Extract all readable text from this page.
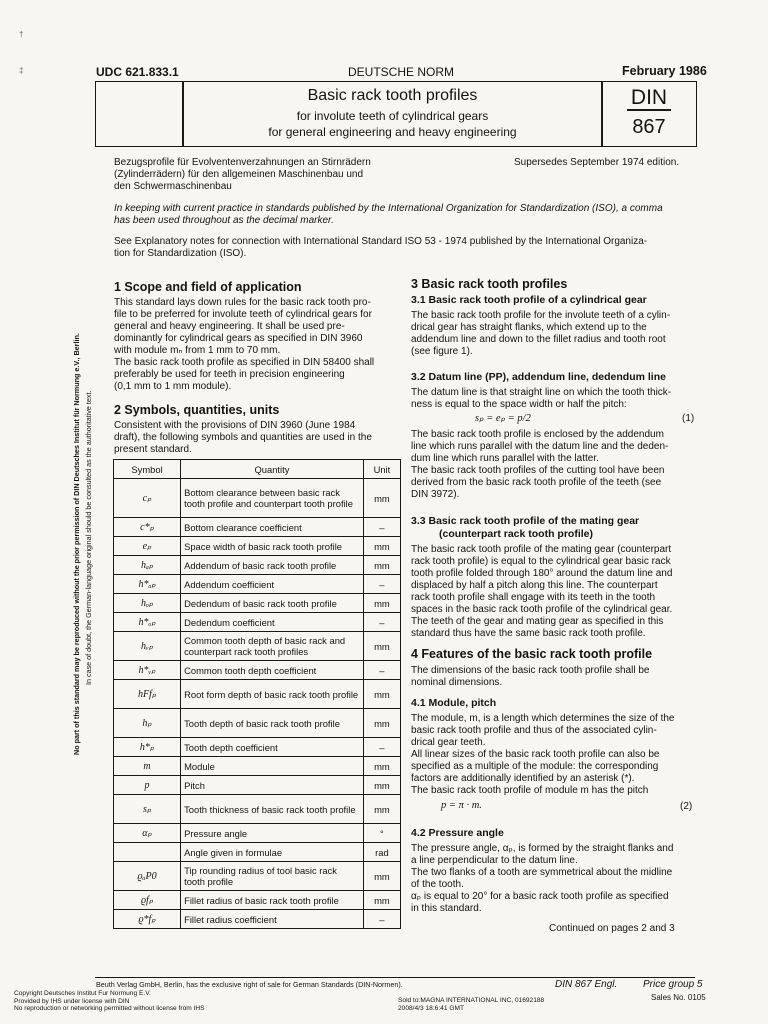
UDC 621.833.1	DEUTSCHE NORM	February 1986
Basic rack tooth profiles
for involute teeth of cylindrical gears
for general engineering and heavy engineering
DIN
867
Bezugsprofile für Evolventenverzahnungen an Stirnrädern
(Zylinderrädern) für den allgemeinen Maschinenbau und
den Schwermaschinenbau
Supersedes September 1974 edition.
In keeping with current practice in standards published by the International Organization for Standardization (ISO), a comma
has been used throughout as the decimal marker.
See Explanatory notes for connection with International Standard ISO 53 - 1974 published by the International Organiza-
tion for Standardization (ISO).
1 Scope and field of application
This standard lays down rules for the basic rack tooth pro-
file to be preferred for involute teeth of cylindrical gears for
general and heavy engineering. It shall be used pre-
dominantly for cylindrical gears as specified in DIN 3960
with module mₙ from 1 mm to 70 mm.
The basic rack tooth profile as specified in DIN 58400 shall
preferably be used for teeth in precision engineering
(0,1 mm to 1 mm module).
2 Symbols, quantities, units
Consistent with the provisions of DIN 3960 (June 1984
draft), the following symbols and quantities are used in the
present standard.
Symbol	Quantity	Unit
cₚ	Bottom clearance between basic rack tooth profile and counterpart tooth profile	mm
c*ₚ	Bottom clearance coefficient	–
eₚ	Space width of basic rack tooth profile	mm
hₐₚ	Addendum of basic rack tooth profile	mm
h*ₐₚ	Addendum coefficient	–
hₒₚ	Dedendum of basic rack tooth profile	mm
h*ₒₚ	Dedendum coefficient	–
hᵥₚ	Common tooth depth of basic rack and counterpart rack tooth profiles	mm
h*ᵥₚ	Common tooth depth coefficient	–
hFfₚ	Root form depth of basic rack tooth profile	mm
hₚ	Tooth depth of basic rack tooth profile	mm
h*ₚ	Tooth depth coefficient	–
m	Module	mm
p	Pitch	mm
sₚ	Tooth thickness of basic rack tooth profile	mm
αₚ	Pressure angle	°
	Angle given in formulae	rad
ϱₐP0	Tip rounding radius of tool basic rack tooth profile	mm
ϱfₚ	Fillet radius of basic rack tooth profile	mm
ϱ*fₚ	Fillet radius coefficient	–
3 Basic rack tooth profiles
3.1 Basic rack tooth profile of a cylindrical gear
The basic rack tooth profile for the involute teeth of a cylin-
drical gear has straight flanks, which extend up to the
addendum line and down to the fillet radius and tooth root
(see figure 1).
3.2 Datum line (PP), addendum line, dedendum line
The datum line is that straight line on which the tooth thick-
ness is equal to the space width or half the pitch:
sₚ = eₚ = p/2	(1)
The basic rack tooth profile is enclosed by the addendum
line which runs parallel with the datum line and the deden-
dum line which runs parallel with the latter.
The basic rack tooth profiles of the cutting tool have been
derived from the basic rack tooth profile of the teeth (see
DIN 3972).
3.3 Basic rack tooth profile of the mating gear
(counterpart rack tooth profile)
The basic rack tooth profile of the mating gear (counterpart
rack tooth profile) is equal to the cylindrical gear basic rack
tooth profile folded through 180° around the datum line and
displaced by half a pitch along this line. The counterpart
rack tooth profile shall engage with its teeth in the tooth
spaces in the basic rack tooth profile of the cylindrical gear.
The teeth of the gear and mating gear as specified in this
standard thus have the same basic rack tooth profile.
4 Features of the basic rack tooth profile
The dimensions of the basic rack tooth profile shall be
nominal dimensions.
4.1 Module, pitch
The module, m, is a length which determines the size of the
basic rack tooth profile and thus of the associated cylin-
drical gear teeth.
All linear sizes of the basic rack tooth profile can also be
specified as a multiple of the module: the corresponding
factors are additionally identified by an asterisk (*).
The basic rack tooth profile of module m has the pitch
p = π · m.	(2)
4.2 Pressure angle
The pressure angle, αₚ, is formed by the straight flanks and
a line perpendicular to the datum line.
The two flanks of a tooth are symmetrical about the midline
of the tooth.
αₚ is equal to 20° for a basic rack tooth profile as specified
in this standard.
Continued on pages 2 and 3
No part of this standard may be reproduced without the prior permission of DIN Deutsches Institut für Normung e.V., Berlin. In case of doubt, the German-language original should be consulted as the authoritative text.
†
‡
Beuth Verlag GmbH, Berlin, has the exclusive right of sale for German Standards (DIN-Normen).	DIN 867 Engl.	Price group 5
Sales No. 0105
Copyright Deutsches Institut Fur Normung E.V.
Provided by IHS under license with DIN
No reproduction or networking permitted without license from IHS
Sold to:MAGNA INTERNATIONAL INC, 01692188
2008/4/3 18:6:41 GMT
